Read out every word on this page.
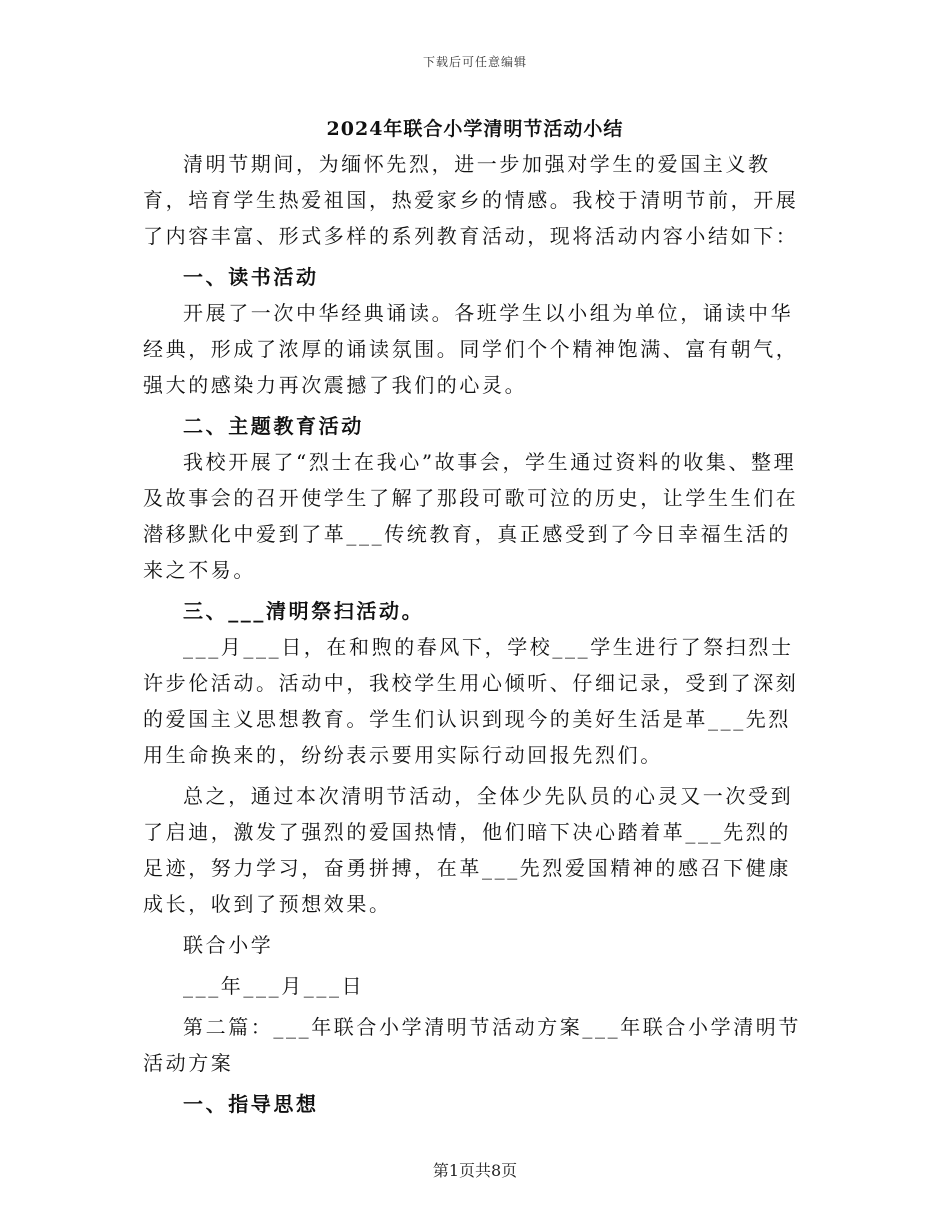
下载后可任意编辑
2024年联合小学清明节活动小结

清明节期间，为缅怀先烈，进一步加强对学生的爱国主义教育，培育学生热爱祖国，热爱家乡的情感。我校于清明节前，开展了内容丰富、形式多样的系列教育活动，现将活动内容小结如下：

一、读书活动

开展了一次中华经典诵读。各班学生以小组为单位，诵读中华经典，形成了浓厚的诵读氛围。同学们个个精神饱满、富有朝气，强大的感染力再次震撼了我们的心灵。

二、主题教育活动

我校开展了“烈士在我心”故事会，学生通过资料的收集、整理及故事会的召开使学生了解了那段可歌可泣的历史，让学生生们在潜移默化中爱到了革___传统教育，真正感受到了今日幸福生活的来之不易。

三、___清明祭扫活动。

___月___日，在和煦的春风下，学校___学生进行了祭扫烈士许步伦活动。活动中，我校学生用心倾听、仔细记录，受到了深刻的爱国主义思想教育。学生们认识到现今的美好生活是革___先烈用生命换来的，纷纷表示要用实际行动回报先烈们。

总之，通过本次清明节活动，全体少先队员的心灵又一次受到了启迪，激发了强烈的爱国热情，他们暗下决心踏着革___先烈的足迹，努力学习，奋勇拼搏，在革___先烈爱国精神的感召下健康成长，收到了预想效果。

联合小学

___年___月___日

第二篇：___年联合小学清明节活动方案___年联合小学清明节活动方案

一、指导思想

第1页共8页
